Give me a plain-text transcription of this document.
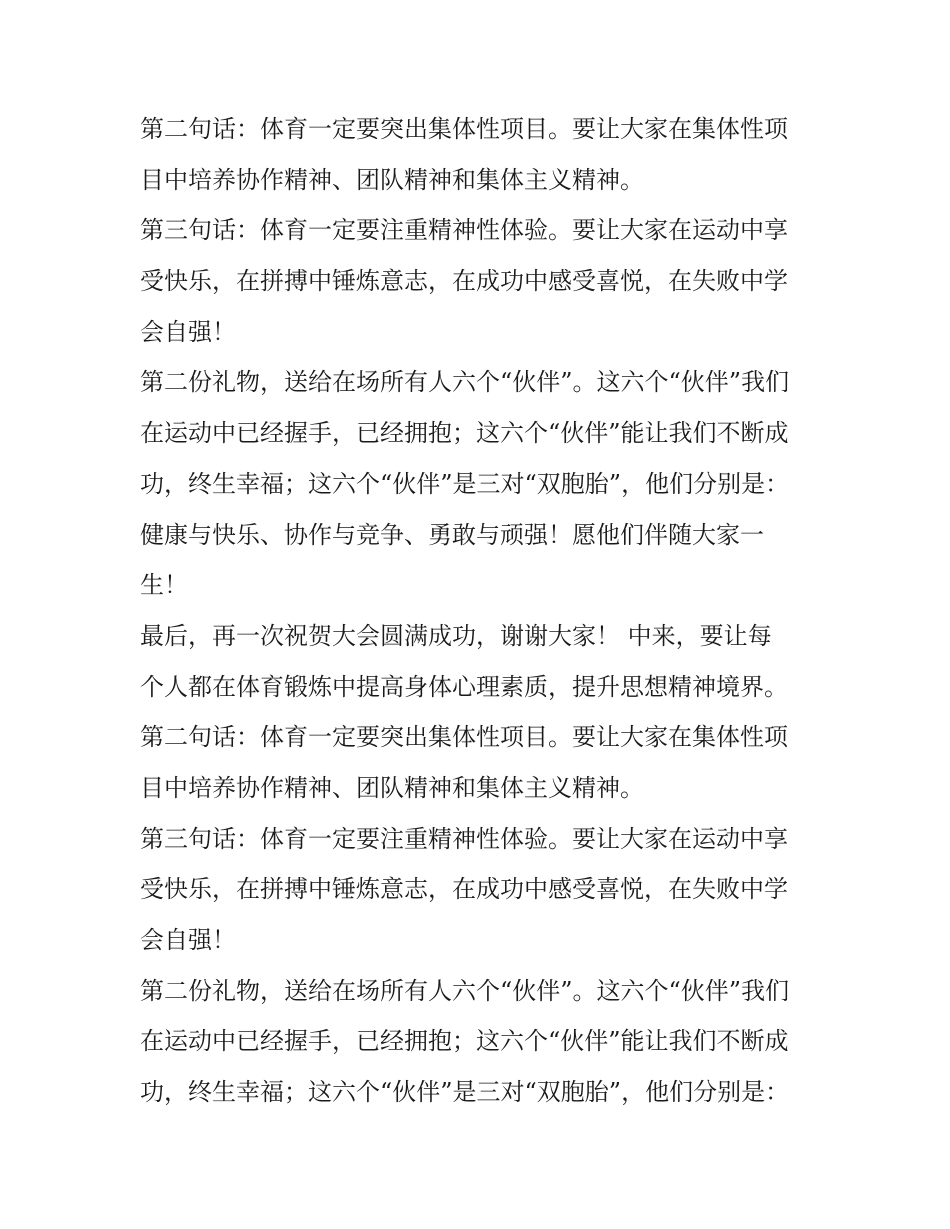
第二句话：体育一定要突出集体性项目。要让大家在集体性项
目中培养协作精神、团队精神和集体主义精神。
第三句话：体育一定要注重精神性体验。要让大家在运动中享
受快乐，在拼搏中锤炼意志，在成功中感受喜悦，在失败中学
会自强！
第二份礼物，送给在场所有人六个“伙伴”。这六个“伙伴”我们
在运动中已经握手，已经拥抱；这六个“伙伴”能让我们不断成
功，终生幸福；这六个“伙伴”是三对“双胞胎”，他们分别是：
健康与快乐、协作与竞争、勇敢与顽强！愿他们伴随大家一
生！
最后，再一次祝贺大会圆满成功，谢谢大家！ 中来，要让每
个人都在体育锻炼中提高身体心理素质，提升思想精神境界。
第二句话：体育一定要突出集体性项目。要让大家在集体性项
目中培养协作精神、团队精神和集体主义精神。
第三句话：体育一定要注重精神性体验。要让大家在运动中享
受快乐，在拼搏中锤炼意志，在成功中感受喜悦，在失败中学
会自强！
第二份礼物，送给在场所有人六个“伙伴”。这六个“伙伴”我们
在运动中已经握手，已经拥抱；这六个“伙伴”能让我们不断成
功，终生幸福；这六个“伙伴”是三对“双胞胎”，他们分别是：
